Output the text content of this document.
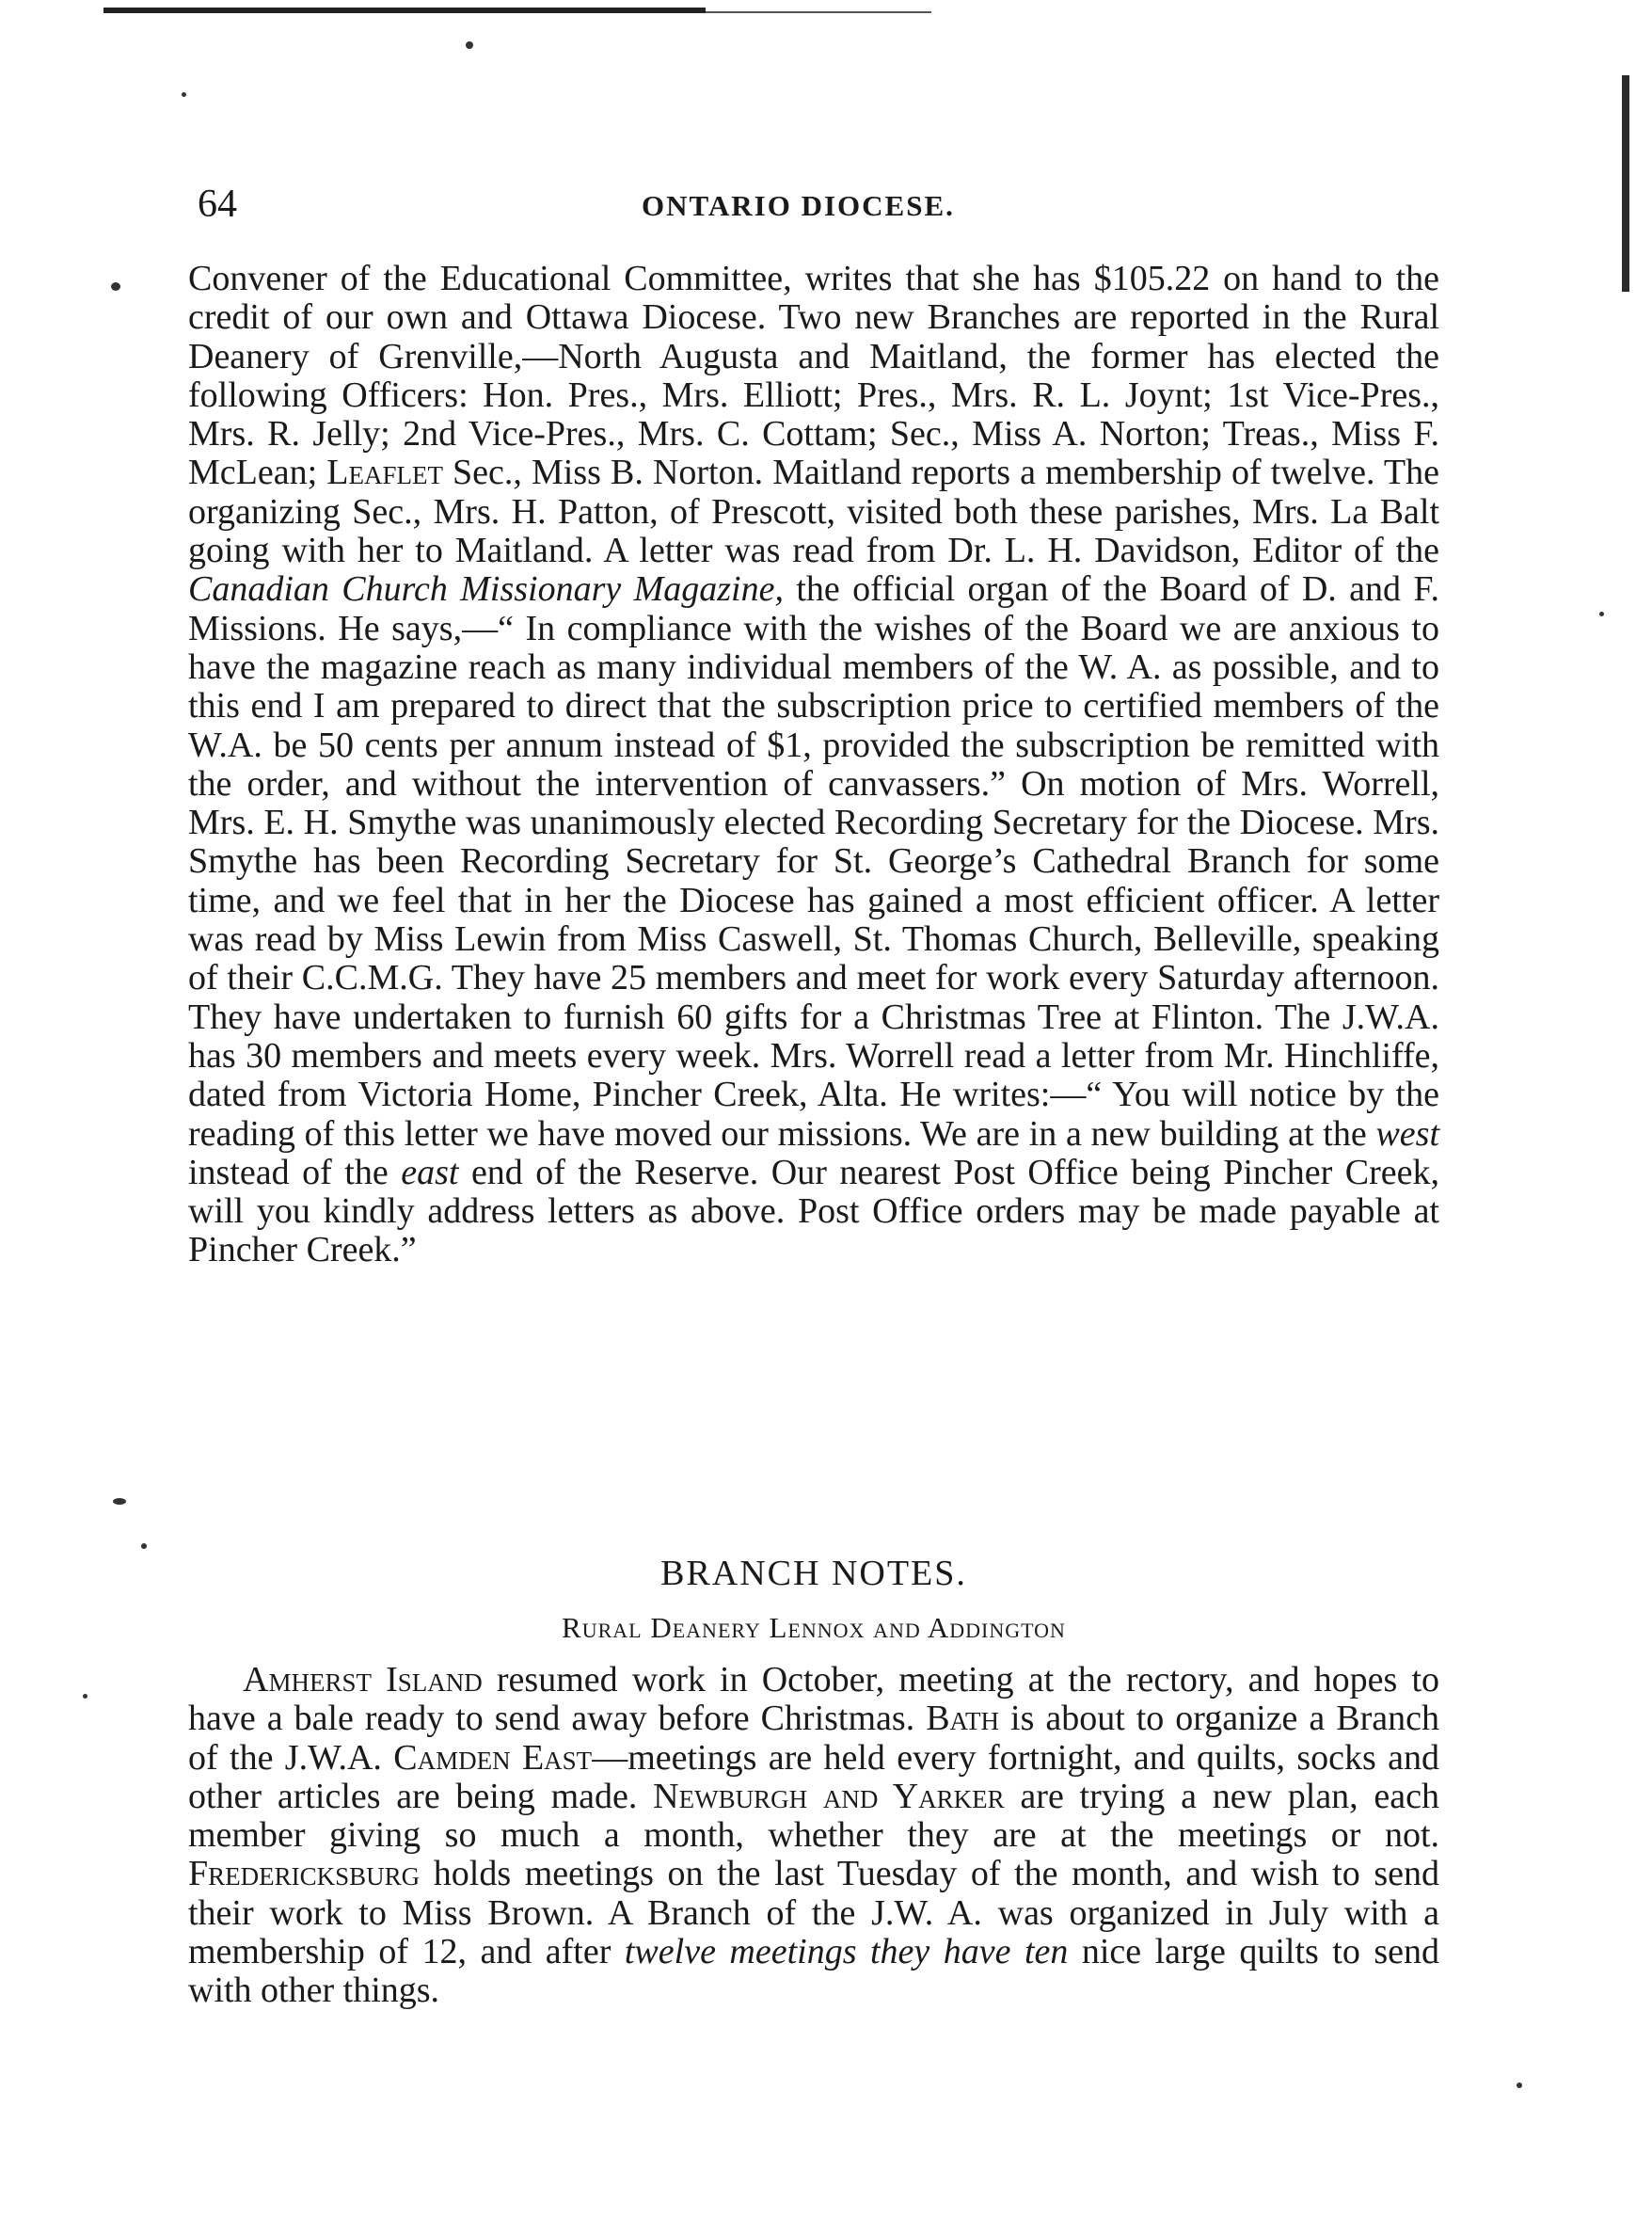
64	ONTARIO DIOCESE.

Convener of the Educational Committee, writes that she has $105.22 on hand to the credit of our own and Ottawa Diocese. Two new Branches are reported in the Rural Deanery of Grenville,—North Augusta and Maitland, the former has elected the following Officers: Hon. Pres., Mrs. Elliott; Pres., Mrs. R. L. Joynt; 1st Vice-Pres., Mrs. R. Jelly; 2nd Vice-Pres., Mrs. C. Cottam; Sec., Miss A. Norton; Treas., Miss F. McLean; Leaflet Sec., Miss B. Norton. Maitland reports a membership of twelve. The organizing Sec., Mrs. H. Patton, of Prescott, visited both these parishes, Mrs. La Balt going with her to Maitland. A letter was read from Dr. L. H. Davidson, Editor of the Canadian Church Missionary Magazine, the official organ of the Board of D. and F. Missions. He says,—“ In compliance with the wishes of the Board we are anxious to have the magazine reach as many individual members of the W. A. as possible, and to this end I am prepared to direct that the subscription price to certified members of the W.A. be 50 cents per annum instead of $1, provided the subscription be remitted with the order, and without the intervention of canvassers.” On motion of Mrs. Worrell, Mrs. E. H. Smythe was unanimously elected Recording Secretary for the Diocese. Mrs. Smythe has been Recording Secretary for St. George’s Cathedral Branch for some time, and we feel that in her the Diocese has gained a most efficient officer. A letter was read by Miss Lewin from Miss Caswell, St. Thomas Church, Belleville, speaking of their C.C.M.G. They have 25 members and meet for work every Saturday afternoon. They have undertaken to furnish 60 gifts for a Christmas Tree at Flinton. The J.W.A. has 30 members and meets every week. Mrs. Worrell read a letter from Mr. Hinchliffe, dated from Victoria Home, Pincher Creek, Alta. He writes:—“ You will notice by the reading of this letter we have moved our missions. We are in a new building at the west instead of the east end of the Reserve. Our nearest Post Office being Pincher Creek, will you kindly address letters as above. Post Office orders may be made payable at Pincher Creek.”

BRANCH NOTES.
Rural Deanery Lennox and Addington

Amherst Island resumed work in October, meeting at the rectory, and hopes to have a bale ready to send away before Christmas. Bath is about to organize a Branch of the J.W.A. Camden East—meetings are held every fortnight, and quilts, socks and other articles are being made. Newburgh and Yarker are trying a new plan, each member giving so much a month, whether they are at the meetings or not. Fredericksburg holds meetings on the last Tuesday of the month, and wish to send their work to Miss Brown. A Branch of the J.W. A. was organized in July with a membership of 12, and after twelve meetings they have ten nice large quilts to send with other things.
